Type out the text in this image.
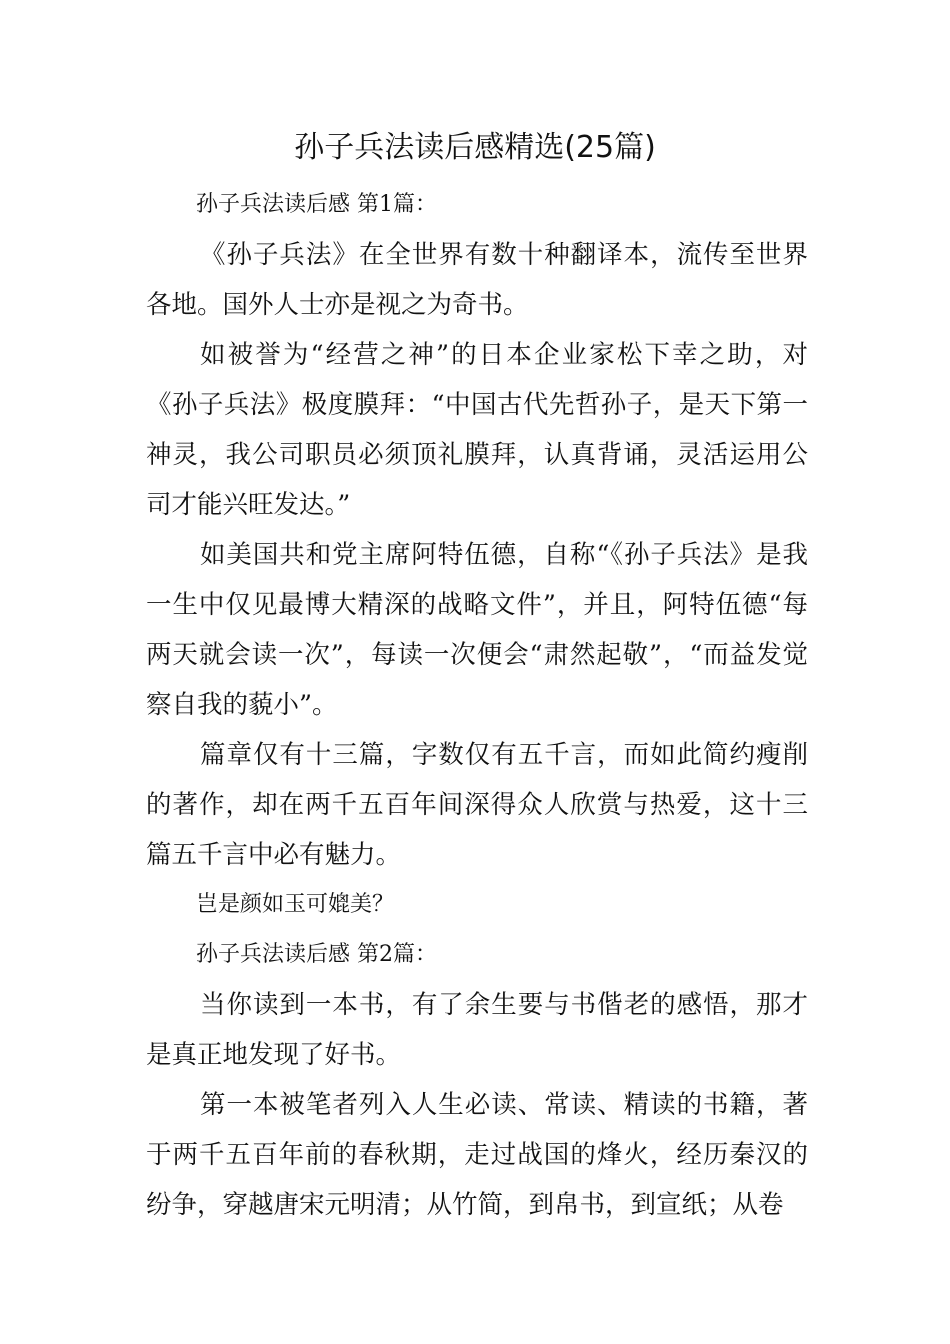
孙子兵法读后感精选(25篇)

孙子兵法读后感 第1篇：

《孙子兵法》在全世界有数十种翻译本，流传至世界各地。国外人士亦是视之为奇书。

如被誉为“经营之神”的日本企业家松下幸之助，对《孙子兵法》极度膜拜：“中国古代先哲孙子，是天下第一神灵，我公司职员必须顶礼膜拜，认真背诵，灵活运用公司才能兴旺发达。”

如美国共和党主席阿特伍德，自称“《孙子兵法》是我一生中仅见最博大精深的战略文件”，并且，阿特伍德“每两天就会读一次”，每读一次便会“肃然起敬”，“而益发觉察自我的藐小”。

篇章仅有十三篇，字数仅有五千言，而如此简约瘦削的著作，却在两千五百年间深得众人欣赏与热爱，这十三篇五千言中必有魅力。

岂是颜如玉可媲美？

孙子兵法读后感 第2篇：

当你读到一本书，有了余生要与书偕老的感悟，那才是真正地发现了好书。

第一本被笔者列入人生必读、常读、精读的书籍，著于两千五百年前的春秋期，走过战国的烽火，经历秦汉的纷争，穿越唐宋元明清；从竹简，到帛书，到宣纸；从卷
